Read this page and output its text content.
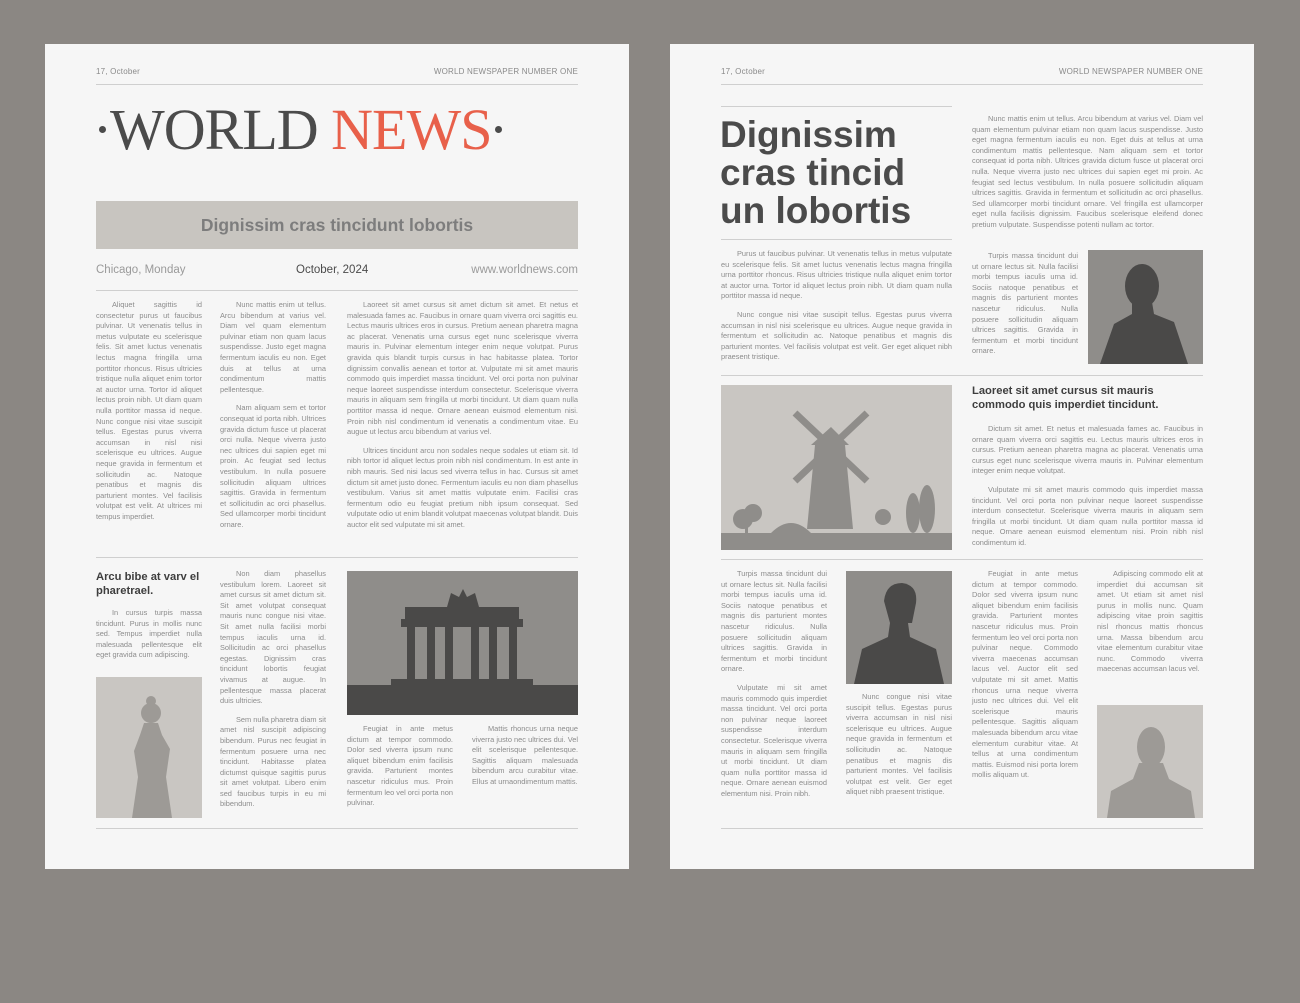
17, October	WORLD NEWSPAPER NUMBER ONE
WORLD NEWS
Dignissim cras tincidunt lobortis
Chicago, Monday	October, 2024	www.worldnews.com

Aliquet sagittis id consectetur purus ut faucibus pulvinar. Ut venenatis tellus in metus vulputate eu scelerisque felis. Sit amet luctus venenatis lectus magna fringilla urna porttitor rhoncus. Risus ultricies tristique nulla aliquet enim tortor at auctor urna. Tortor id aliquet lectus proin nibh. Ut diam quam nulla porttitor massa id neque. Nunc congue nisi vitae suscipit tellus. Egestas purus viverra accumsan in nisl nisi scelerisque eu ultrices. Augue neque gravida in fermentum et sollicitudin ac. Natoque penatibus et magnis dis parturient montes. Vel facilisis volutpat est velit. At ultrices mi tempus imperdiet.

Nunc mattis enim ut tellus. Arcu bibendum at varius vel. Diam vel quam elementum pulvinar etiam non quam lacus suspendisse. Justo eget magna fermentum iaculis eu non. Eget duis at tellus at urna condimentum mattis pellentesque.

Nam aliquam sem et tortor consequat id porta nibh. Ultrices gravida dictum fusce ut placerat orci nulla. Neque viverra justo nec ultrices dui sapien eget mi proin. Ac feugiat sed lectus vestibulum. In nulla posuere sollicitudin aliquam ultrices sagittis. Gravida in fermentum et sollicitudin ac orci phasellus. Sed ullamcorper morbi tincidunt ornare.

Laoreet sit amet cursus sit amet dictum sit amet. Et netus et malesuada fames ac. Faucibus in ornare quam viverra orci sagittis eu. Lectus mauris ultrices eros in cursus. Pretium aenean pharetra magna ac placerat. Venenatis urna cursus eget nunc scelerisque viverra mauris in. Pulvinar elementum integer enim neque volutpat. Purus gravida quis blandit turpis cursus in hac habitasse platea. Tortor dignissim convallis aenean et tortor at. Vulputate mi sit amet mauris commodo quis imperdiet massa tincidunt. Vel orci porta non pulvinar neque laoreet suspendisse interdum consectetur. Scelerisque viverra mauris in aliquam sem fringilla ut morbi tincidunt. Ut diam quam nulla porttitor massa id neque. Ornare aenean euismod elementum nisi. Proin nibh nisl condimentum id venenatis a condimentum vitae. Eu augue ut lectus arcu bibendum at varius vel.

Ultrices tincidunt arcu non sodales neque sodales ut etiam sit. Id nibh tortor id aliquet lectus proin nibh nisl condimentum. In est ante in nibh mauris. Sed nisi lacus sed viverra tellus in hac. Cursus sit amet dictum sit amet justo donec. Fermentum iaculis eu non diam phasellus vestibulum. Varius sit amet mattis vulputate enim. Facilisi cras fermentum odio eu feugiat pretium nibh ipsum consequat. Sed vulputate odio ut enim blandit volutpat maecenas volutpat blandit. Duis auctor elit sed vulputate mi sit amet.

Arcu bibe at varv el pharetrael.

In cursus turpis massa tincidunt. Purus in mollis nunc sed. Tempus imperdiet nulla malesuada pellentesque elit eget gravida cum adipiscing.

Non diam phasellus vestibulum lorem. Laoreet sit amet cursus sit amet dictum sit. Sit amet volutpat consequat mauris nunc congue nisi vitae. Sit amet nulla facilisi morbi tempus iaculis urna id. Sollicitudin ac orci phasellus egestas. Dignissim cras tincidunt lobortis feugiat vivamus at augue. In pellentesque massa placerat duis ultricies.

Sem nulla pharetra diam sit amet nisl suscipit adipiscing bibendum. Purus nec feugiat in fermentum posuere urna nec tincidunt. Habitasse platea dictumst quisque sagittis purus sit amet volutpat. Libero enim sed faucibus turpis in eu mi bibendum.

Feugiat in ante metus dictum at tempor commodo. Dolor sed viverra ipsum nunc aliquet bibendum enim facilisis gravida. Parturient montes nascetur ridiculus mus. Proin fermentum leo vel orci porta non pulvinar.

Mattis rhoncus urna neque viverra justo nec ultrices dui. Vel elit scelerisque pellentesque. Sagittis aliquam malesuada bibendum arcu curabitur vitae. Ellus at urnaondimentum mattis.

17, October	WORLD NEWSPAPER NUMBER ONE
Dignissim
cras tincid
un lobortis

Purus ut faucibus pulvinar. Ut venenatis tellus in metus vulputate eu scelerisque felis. Sit amet luctus venenatis lectus magna fringilla urna porttitor rhoncus. Risus ultricies tristique nulla aliquet enim tortor at auctor urna. Tortor id aliquet lectus proin nibh. Ut diam quam nulla porttitor massa id neque.

Nunc congue nisi vitae suscipit tellus. Egestas purus viverra accumsan in nisl nisi scelerisque eu ultrices. Augue neque gravida in fermentum et sollicitudin ac. Natoque penatibus et magnis dis parturient montes. Vel facilisis volutpat est velit. Ger eget aliquet nibh praesent tristique.

Nunc mattis enim ut tellus. Arcu bibendum at varius vel. Diam vel quam elementum pulvinar etiam non quam lacus suspendisse. Justo eget magna fermentum iaculis eu non. Eget duis at tellus at urna condimentum mattis pellentesque. Nam aliquam sem et tortor consequat id porta nibh. Ultrices gravida dictum fusce ut placerat orci nulla. Neque viverra justo nec ultrices dui sapien eget mi proin. Ac feugiat sed lectus vestibulum. In nulla posuere sollicitudin aliquam ultrices sagittis. Gravida in fermentum et sollicitudin ac orci phasellus. Sed ullamcorper morbi tincidunt ornare. Vel fringilla est ullamcorper eget nulla facilisis dignissim. Faucibus scelerisque eleifend donec pretium vulputate. Suspendisse potenti nullam ac tortor.

Turpis massa tincidunt dui ut ornare lectus sit. Nulla facilisi morbi tempus iaculis urna id. Sociis natoque penatibus et magnis dis parturient montes nascetur ridiculus. Nulla posuere sollicitudin aliquam ultrices sagittis. Gravida in fermentum et morbi tincidunt ornare.

Laoreet sit amet cursus sit mauris commodo quis imperdiet tincidunt.

Dictum sit amet. Et netus et malesuada fames ac. Faucibus in ornare quam viverra orci sagittis eu. Lectus mauris ultrices eros in cursus. Pretium aenean pharetra magna ac placerat. Venenatis urna cursus eget nunc scelerisque viverra mauris in. Pulvinar elementum integer enim neque volutpat.

Vulputate mi sit amet mauris commodo quis imperdiet massa tincidunt. Vel orci porta non pulvinar neque laoreet suspendisse interdum consectetur. Scelerisque viverra mauris in aliquam sem fringilla ut morbi tincidunt. Ut diam quam nulla porttitor massa id neque. Ornare aenean euismod elementum nisi. Proin nibh nisl condimentum id.

Turpis massa tincidunt dui ut ornare lectus sit. Nulla facilisi morbi tempus iaculis urna id. Sociis natoque penatibus et magnis dis parturient montes nascetur ridiculus. Nulla posuere sollicitudin aliquam ultrices sagittis. Gravida in fermentum et morbi tincidunt ornare.

Vulputate mi sit amet mauris commodo quis imperdiet massa tincidunt. Vel orci porta non pulvinar neque laoreet suspendisse interdum consectetur. Scelerisque viverra mauris in aliquam sem fringilla ut morbi tincidunt. Ut diam quam nulla porttitor massa id neque. Ornare aenean euismod elementum nisi. Proin nibh.

Nunc congue nisi vitae suscipit tellus. Egestas purus viverra accumsan in nisl nisi scelerisque eu ultrices. Augue neque gravida in fermentum et sollicitudin ac. Natoque penatibus et magnis dis parturient montes. Vel facilisis volutpat est velit. Ger eget aliquet nibh praesent tristique.

Feugiat in ante metus dictum at tempor commodo. Dolor sed viverra ipsum nunc aliquet bibendum enim facilisis gravida. Parturient montes nascetur ridiculus mus. Proin fermentum leo vel orci porta non pulvinar neque. Commodo viverra maecenas accumsan lacus vel. Auctor elit sed vulputate mi sit amet. Mattis rhoncus urna neque viverra justo nec ultrices dui. Vel elit scelerisque mauris pellentesque. Sagittis aliquam malesuada bibendum arcu vitae elementum curabitur vitae. At tellus at urna condimentum mattis. Euismod nisi porta lorem mollis aliquam ut.

Adipiscing commodo elit at imperdiet dui accumsan sit amet. Ut etiam sit amet nisl purus in mollis nunc. Quam adipiscing vitae proin sagittis nisl rhoncus mattis rhoncus urna. Massa bibendum arcu vitae elementum curabitur vitae nunc. Commodo viverra maecenas accumsan lacus vel.
